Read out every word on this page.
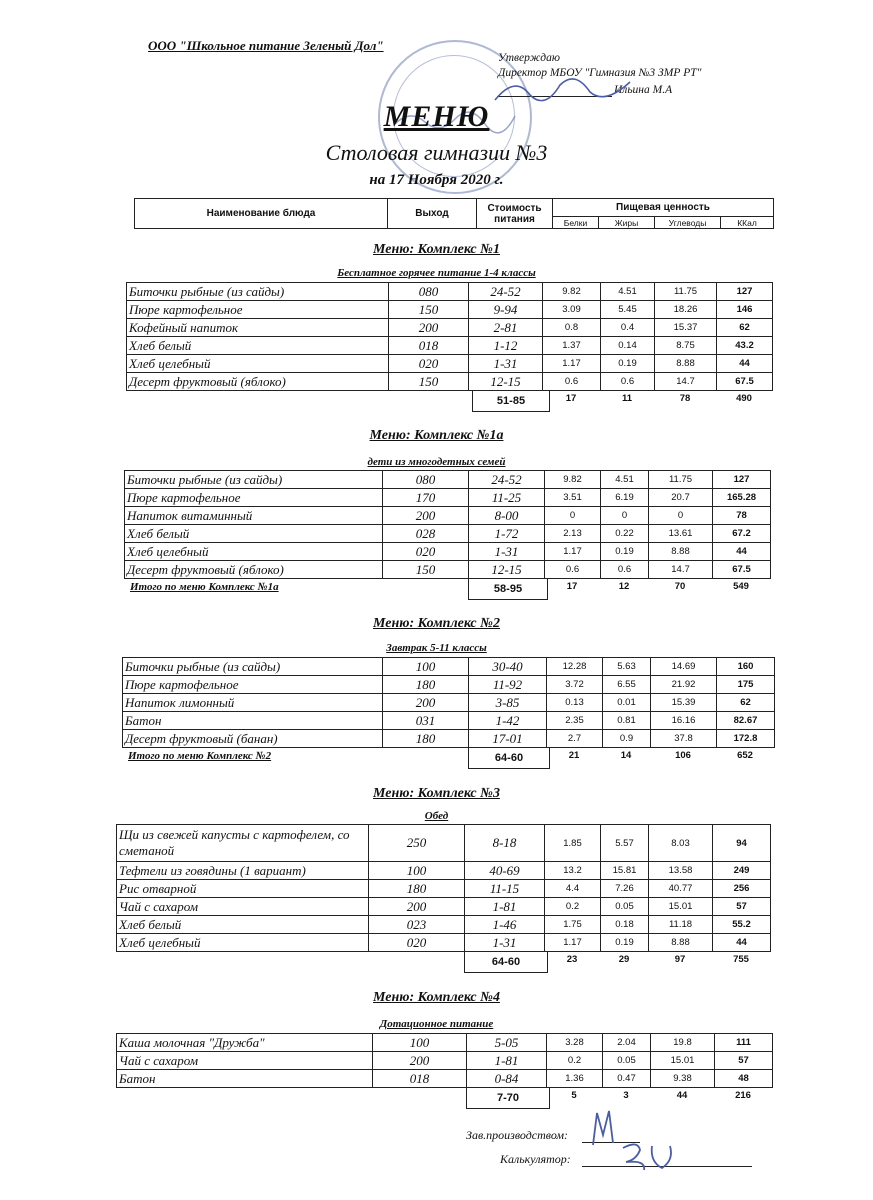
ООО "Школьное питание Зеленый Дол"
Утверждаю
Директор МБОУ "Гимназия №3 ЗМР РТ"
Ильина М.А
МЕНЮ
Столовая гимназии №3
на 17 Ноября 2020 г.
Наименование блюда	Выход	Стоимость питания	Пищевая ценность			
			Белки	Жиры	Углеводы	ККал
Меню: Комплекс №1
Бесплатное горячее питание 1-4 классы
Биточки рыбные (из сайды)	080	24-52	9.82	4.51	11.75	127
Пюре картофельное	150	9-94	3.09	5.45	18.26	146
Кофейный напиток	200	2-81	0.8	0.4	15.37	62
Хлеб белый	018	1-12	1.37	0.14	8.75	43.2
Хлеб целебный	020	1-31	1.17	0.19	8.88	44
Десерт фруктовый (яблоко)	150	12-15	0.6	0.6	14.7	67.5
51-85	17	11	78	490
Меню: Комплекс №1а
дети из многодетных семей
Биточки рыбные (из сайды)	080	24-52	9.82	4.51	11.75	127
Пюре картофельное	170	11-25	3.51	6.19	20.7	165.28
Напиток витаминный	200	8-00	0	0	0	78
Хлеб белый	028	1-72	2.13	0.22	13.61	67.2
Хлеб целебный	020	1-31	1.17	0.19	8.88	44
Десерт фруктовый (яблоко)	150	12-15	0.6	0.6	14.7	67.5
Итого по меню Комплекс №1а	58-95	17	12	70	549
Меню: Комплекс №2
Завтрак 5-11 классы
Биточки рыбные (из сайды)	100	30-40	12.28	5.63	14.69	160
Пюре картофельное	180	11-92	3.72	6.55	21.92	175
Напиток лимонный	200	3-85	0.13	0.01	15.39	62
Батон	031	1-42	2.35	0.81	16.16	82.67
Десерт фруктовый (банан)	180	17-01	2.7	0.9	37.8	172.8
Итого по меню Комплекс №2	64-60	21	14	106	652
Меню: Комплекс №3
Обед
Щи из свежей капусты с картофелем, со сметаной	250	8-18	1.85	5.57	8.03	94
Тефтели из говядины (1 вариант)	100	40-69	13.2	15.81	13.58	249
Рис отварной	180	11-15	4.4	7.26	40.77	256
Чай с сахаром	200	1-81	0.2	0.05	15.01	57
Хлеб белый	023	1-46	1.75	0.18	11.18	55.2
Хлеб целебный	020	1-31	1.17	0.19	8.88	44
64-60	23	29	97	755
Меню: Комплекс №4
Дотационное питание
Каша молочная "Дружба"	100	5-05	3.28	2.04	19.8	111
Чай с сахаром	200	1-81	0.2	0.05	15.01	57
Батон	018	0-84	1.36	0.47	9.38	48
7-70	5	3	44	216
Зав.производством:
Калькулятор:
